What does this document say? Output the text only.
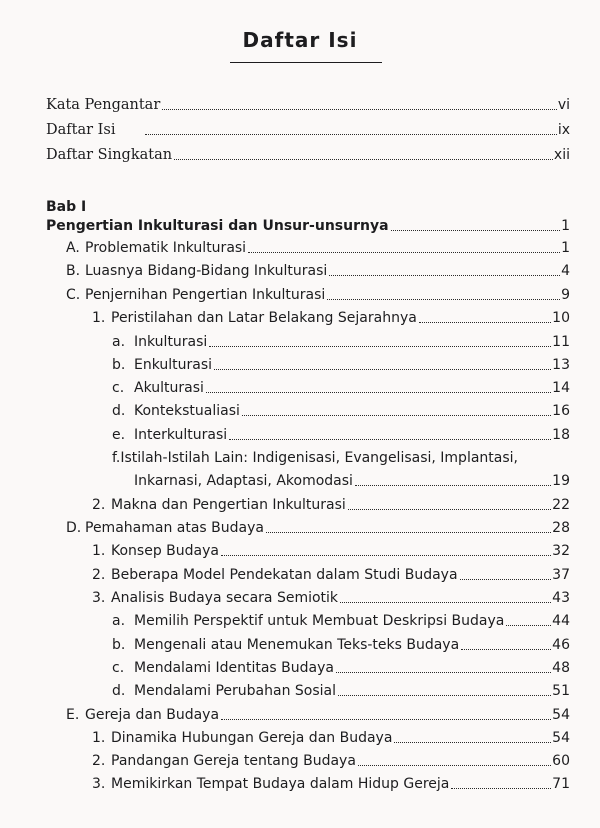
Daftar Isi
Kata Pengantar	vi
Daftar Isi	ix
Daftar Singkatan	xii
Bab I
Pengertian Inkulturasi dan Unsur-unsurnya	1
A. Problematik Inkulturasi	1
B. Luasnya Bidang-Bidang Inkulturasi	4
C. Penjernihan Pengertian Inkulturasi	9
1. Peristilahan dan Latar Belakang Sejarahnya	10
a. Inkulturasi	11
b. Enkulturasi	13
c. Akulturasi	14
d. Kontekstualiasi	16
e. Interkulturasi	18
f.Istilah-Istilah Lain: Indigenisasi, Evangelisasi, Implantasi,
Inkarnasi, Adaptasi, Akomodasi	19
2. Makna dan Pengertian Inkulturasi	22
D. Pemahaman atas Budaya	28
1. Konsep Budaya	32
2. Beberapa Model Pendekatan dalam Studi Budaya	37
3. Analisis Budaya secara Semiotik	43
a. Memilih Perspektif untuk Membuat Deskripsi Budaya	44
b. Mengenali atau Menemukan Teks-teks Budaya	46
c. Mendalami Identitas Budaya	48
d. Mendalami Perubahan Sosial	51
E. Gereja dan Budaya	54
1. Dinamika Hubungan Gereja dan Budaya	54
2. Pandangan Gereja tentang Budaya	60
3. Memikirkan Tempat Budaya dalam Hidup Gereja	71
